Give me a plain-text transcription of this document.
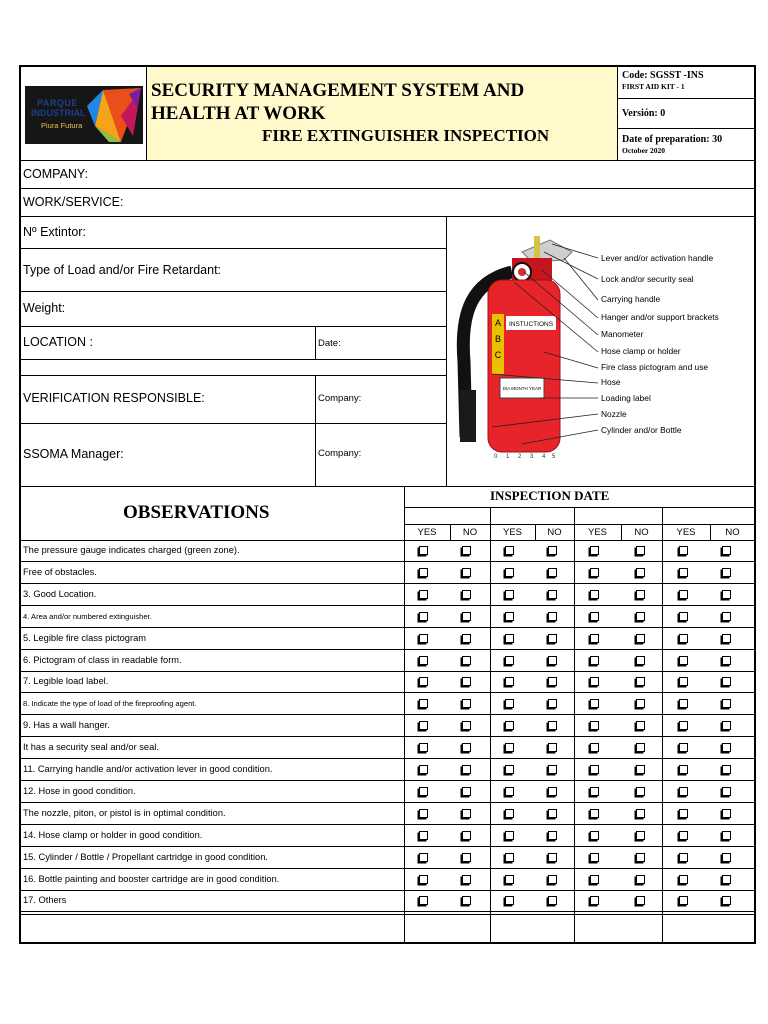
PARQUE
INDUSTRIAL
Piura Futura
SECURITY MANAGEMENT SYSTEM AND
HEALTH AT WORK
FIRE EXTINGUISHER INSPECTION
Code: SGSST -INS
FIRST AID KIT - 1
Versión: 0
Date of preparation: 30
October 2020
COMPANY:
WORK/SERVICE:
Nº Extintor:
Type of Load and/or Fire Retardant:
Weight:
LOCATION :	Date:
VERIFICATION RESPONSIBLE:	Company:
SSOMA Manager:	Company:
A
B
C
INSTUCTIONS
DIA MONTH YEAR
0 1 2 3 4 5
Lever and/or activation handle
Lock and/or security seal
Carrying handle
Hanger and/or support brackets
Manometer
Hose clamp or holder
Fire class pictogram and use
Hose
Loading label
Nozzle
Cylinder and/or Bottle
OBSERVATIONS
INSPECTION DATE
YES	NO	YES	NO	YES	NO	YES	NO
The pressure gauge indicates charged (green zone).
Free of obstacles.
3. Good Location.
4. Area and/or numbered extinguisher.
5. Legible fire class pictogram
6. Pictogram of class in readable form.
7. Legible load label.
8. Indicate the type of load of the fireproofing agent.
9. Has a wall hanger.
It has a security seal and/or seal.
11. Carrying handle and/or activation lever in good condition.
12. Hose in good condition.
The nozzle, piton, or pistol is in optimal condition.
14. Hose clamp or holder in good condition.
15. Cylinder / Bottle / Propellant cartridge in good condition.
16. Bottle painting and booster cartridge are in good condition.
17. Others
